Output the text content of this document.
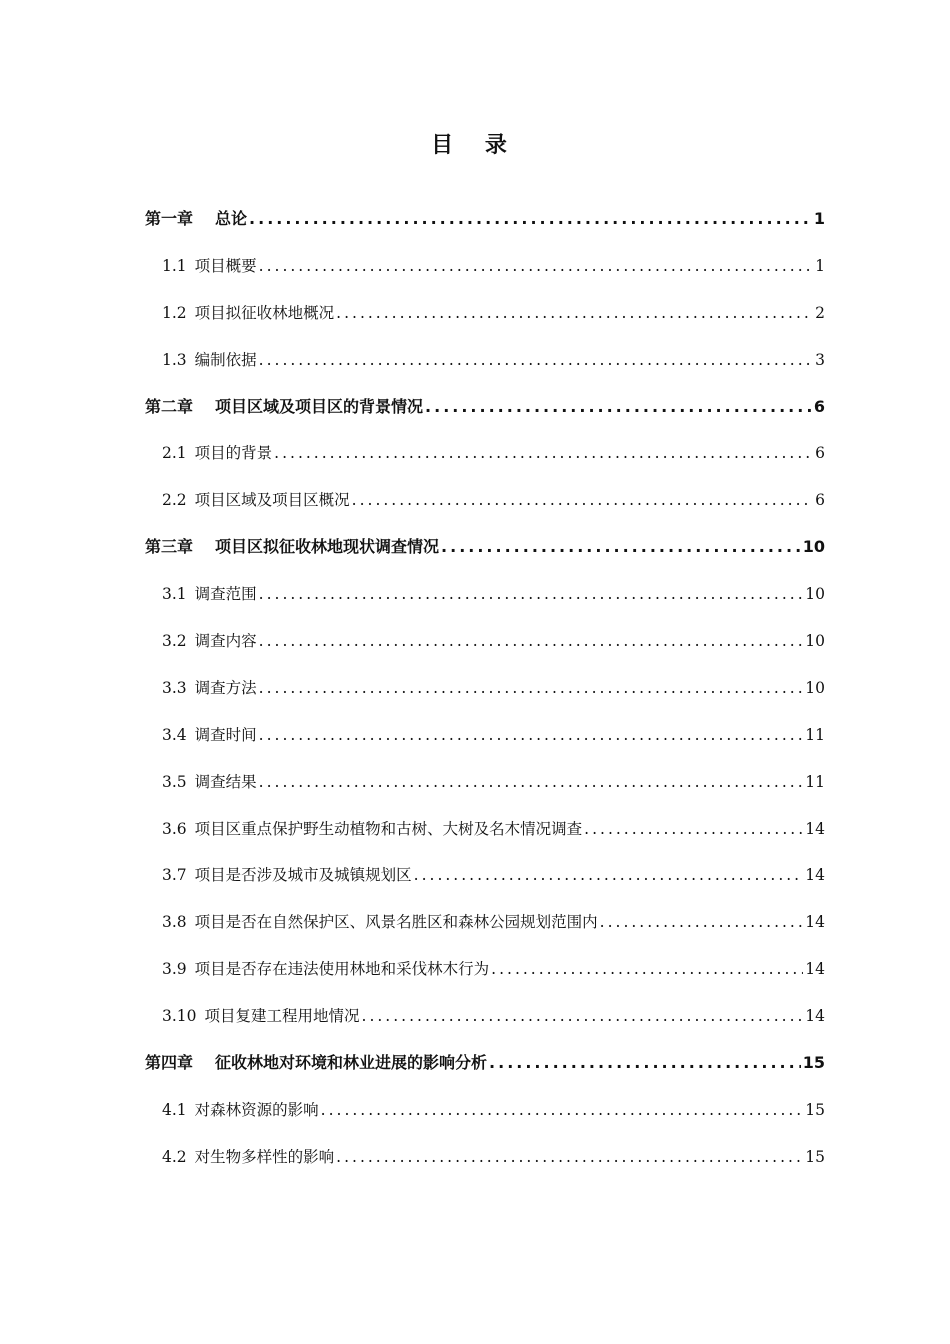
目 录
第一章 总论 .....	1
1.1 项目概要 .....	1
1.2 项目拟征收林地概况 .....	2
1.3 编制依据 .....	3
第二章 项目区域及项目区的背景情况 .....	6
2.1 项目的背景 .....	6
2.2 项目区域及项目区概况 .....	6
第三章 项目区拟征收林地现状调查情况 .....	10
3.1 调查范围 .....	10
3.2 调查内容 .....	10
3.3 调查方法 .....	10
3.4 调查时间 .....	11
3.5 调查结果 .....	11
3.6 项目区重点保护野生动植物和古树、大树及名木情况调查 .....	14
3.7 项目是否涉及城市及城镇规划区 .....	14
3.8 项目是否在自然保护区、风景名胜区和森林公园规划范围内 .....	14
3.9 项目是否存在违法使用林地和采伐林木行为 .....	14
3.10 项目复建工程用地情况 .....	14
第四章 征收林地对环境和林业进展的影响分析 .....	15
4.1 对森林资源的影响 .....	15
4.2 对生物多样性的影响 .....	15
